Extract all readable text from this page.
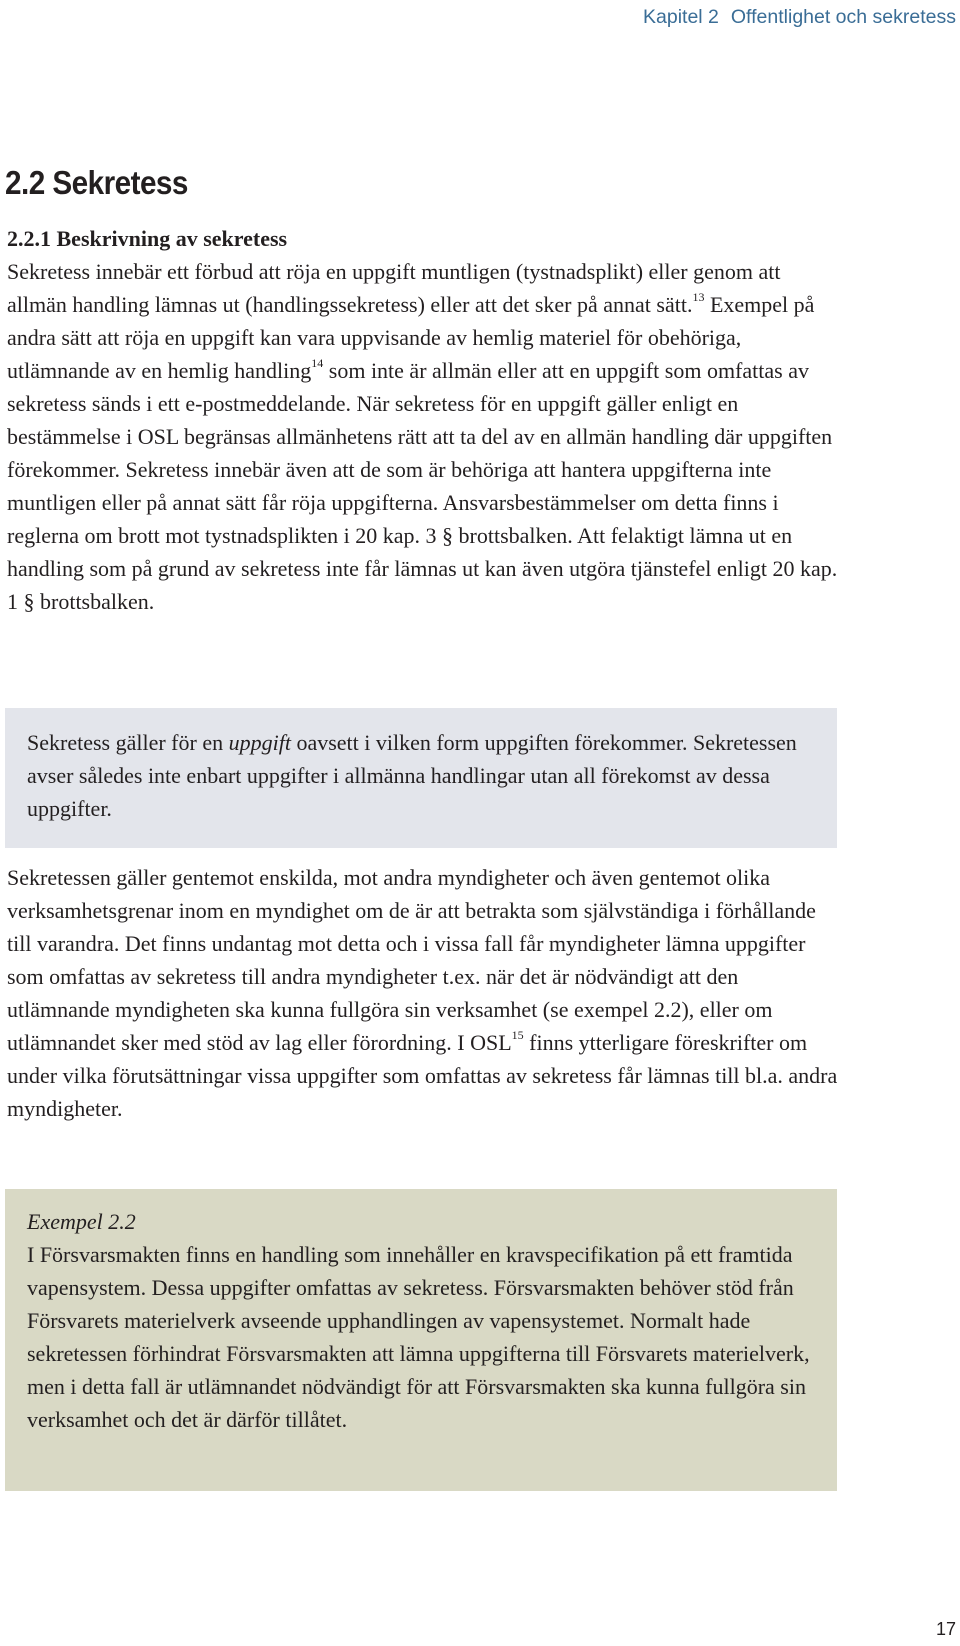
Kapitel 2 Offentlighet och sekretess
2.2 Sekretess
2.2.1 Beskrivning av sekretess

Sekretess innebär ett förbud att röja en uppgift muntligen (tystnadsplikt) eller genom att allmän handling lämnas ut (handlingssekretess) eller att det sker på annat sätt.$^{13}$ Exempel på andra sätt att röja en uppgift kan vara uppvisande av hemlig materiel för obehöriga, utlämnande av en hemlig handling$^{14}$ som inte är allmän eller att en uppgift som omfattas av sekretess sänds i ett e-postmeddelande. När sekretess för en uppgift gäller enligt en bestämmelse i OSL begränsas allmänhetens rätt att ta del av en allmän handling där uppgiften förekommer. Sekretess innebär även att de som är behöriga att hantera uppgifterna inte muntligen eller på annat sätt får röja uppgifterna. Ansvarsbestämmelser om detta finns i reglerna om brott mot tystnadsplikten i 20 kap. 3 § brottsbalken. Att felaktigt lämna ut en handling som på grund av sekretess inte får lämnas ut kan även utgöra tjänstefel enligt 20 kap. 1 § brottsbalken.

Sekretess gäller för en uppgift oavsett i vilken form uppgiften förekommer. Sekretessen avser således inte enbart uppgifter i allmänna handlingar utan all förekomst av dessa uppgifter.

Sekretessen gäller gentemot enskilda, mot andra myndigheter och även gentemot olika verksamhetsgrenar inom en myndighet om de är att betrakta som självständiga i förhållande till varandra. Det finns undantag mot detta och i vissa fall får myndigheter lämna uppgifter som omfattas av sekretess till andra myndigheter t.ex. när det är nödvändigt att den utlämnande myndigheten ska kunna fullgöra sin verksamhet (se exempel 2.2), eller om utlämnandet sker med stöd av lag eller förordning. I OSL$^{15}$ finns ytterligare föreskrifter om under vilka förutsättningar vissa uppgifter som omfattas av sekretess får lämnas till bl.a. andra myndigheter.

Exempel 2.2

I Försvarsmakten finns en handling som innehåller en kravspecifikation på ett framtida vapensystem. Dessa uppgifter omfattas av sekretess. Försvarsmakten behöver stöd från Försvarets materielverk avseende upphandlingen av vapensystemet. Normalt hade sekretessen förhindrat Försvarsmakten att lämna uppgifterna till Försvarets materielverk, men i detta fall är utlämnandet nödvändigt för att Försvarsmakten ska kunna fullgöra sin verksamhet och det är därför tillåtet.

17
